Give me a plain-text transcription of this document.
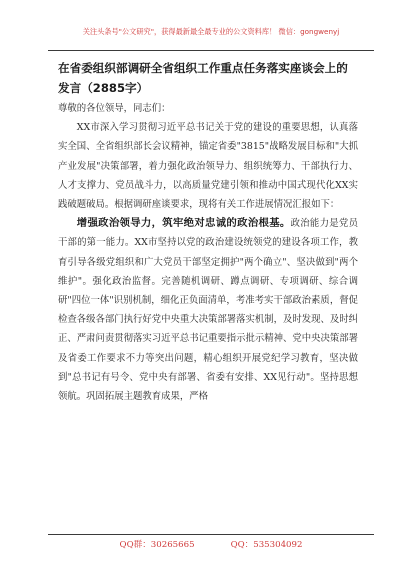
关注头条号"公文研究"，获得最新最全最专业的公文资料库！ 微信：gongwenyj

在省委组织部调研全省组织工作重点任务落实座谈会上的发言（2885字）

尊敬的各位领导，同志们：

XX市深入学习贯彻习近平总书记关于党的建设的重要思想，认真落实全国、全省组织部长会议精神，锚定省委"3815"战略发展目标和"大抓产业发展"决策部署，着力强化政治领导力、组织统筹力、干部执行力、人才支撑力、党员战斗力，以高质量党建引领和推动中国式现代化XX实践破题破局。根据调研座谈要求，现将有关工作进展情况汇报如下：

增强政治领导力，筑牢绝对忠诚的政治根基。政治能力是党员干部的第一能力。XX市坚持以党的政治建设统领党的建设各项工作，教育引导各级党组织和广大党员干部坚定拥护"两个确立"、坚决做到"两个维护"。强化政治监督。完善随机调研、蹲点调研、专项调研、综合调研"四位一体"识别机制，细化正负面清单，考准考实干部政治素质，督促检查各级各部门执行好党中央重大决策部署落实机制，及时发现、及时纠正、严肃问责贯彻落实习近平总书记重要指示批示精神、党中央决策部署及省委工作要求不力等突出问题，精心组织开展党纪学习教育，坚决做到"总书记有号令、党中央有部署、省委有安排、XX见行动"。坚持思想领航。巩固拓展主题教育成果，严格

QQ群：30265665	QQ：535304092
